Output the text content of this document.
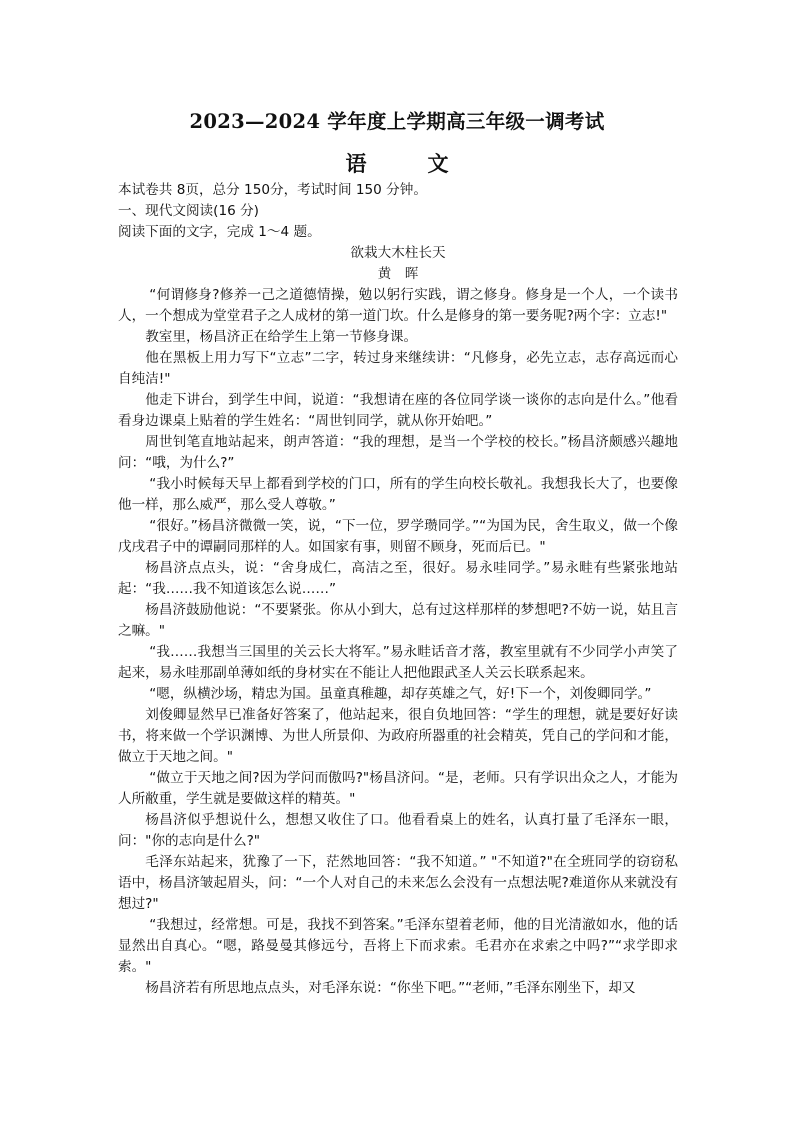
2023—2024 学年度上学期高三年级一调考试
语　文
本试卷共 8页，总分 150分，考试时间 150 分钟。
一、现代文阅读(16 分)
阅读下面的文字，完成 1～4 题。
欲栽大木柱长天
黄　晖

“何谓修身?修养一己之道德情操，勉以躬行实践，谓之修身。修身是一个人，一个读书人，一个想成为堂堂君子之人成材的第一道门坎。什么是修身的第一要务呢?两个字：立志!"

教室里，杨昌济正在给学生上第一节修身课。

他在黑板上用力写下“立志”二字，转过身来继续讲：“凡修身，必先立志，志存高远而心自纯洁!"

他走下讲台，到学生中间，说道：“我想请在座的各位同学谈一谈你的志向是什么。”他看看身边课桌上贴着的学生姓名：“周世钊同学，就从你开始吧。”

周世钊笔直地站起来，朗声答道：“我的理想，是当一个学校的校长。”杨昌济颇感兴趣地问：“哦，为什么?”

“我小时候每天早上都看到学校的门口，所有的学生向校长敬礼。我想我长大了，也要像他一样，那么威严，那么受人尊敬。”

“很好。”杨昌济微微一笑，说，“下一位，罗学瓒同学。”“为国为民，舍生取义，做一个像戊戌君子中的谭嗣同那样的人。如国家有事，则留不顾身，死而后已。"

杨昌济点点头，说：“舍身成仁，高洁之至，很好。易永哇同学。”易永畦有些紧张地站起：“我……我不知道该怎么说……”

杨昌济鼓励他说：“不要紧张。你从小到大，总有过这样那样的梦想吧?不妨一说，姑且言之嘛。"

“我……我想当三国里的关云长大将军。”易永畦话音才落，教室里就有不少同学小声笑了起来，易永哇那副单薄如纸的身材实在不能让人把他跟武圣人关云长联系起来。

“嗯，纵横沙场，精忠为国。虽童真稚趣，却存英雄之气，好!下一个，刘俊卿同学。”

刘俊卿显然早已准备好答案了，他站起来，很自负地回答：“学生的理想，就是要好好读书，将来做一个学识渊博、为世人所景仰、为政府所器重的社会精英，凭自己的学问和才能，做立于天地之间。"

“做立于天地之间?因为学问而傲吗?"杨昌济问。“是，老师。只有学识出众之人，才能为人所敝重，学生就是要做这样的精英。"

杨昌济似乎想说什么，想想又收住了口。他看看桌上的姓名，认真打量了毛泽东一眼，问："你的志向是什么?"

毛泽东站起来，犹豫了一下，茫然地回答：“我不知道。” "不知道?"在全班同学的窃窃私语中，杨昌济皱起眉头，问：“一个人对自己的未来怎么会没有一点想法呢?难道你从来就没有想过?"

“我想过，经常想。可是，我找不到答案。”毛泽东望着老师，他的目光清澈如水，他的话显然出自真心。“嗯，路曼曼其修远兮，吾将上下而求索。毛君亦在求索之中吗?”“求学即求索。"

杨昌济若有所思地点点头，对毛泽东说：“你坐下吧。”“老师，”毛泽东刚坐下，却又
